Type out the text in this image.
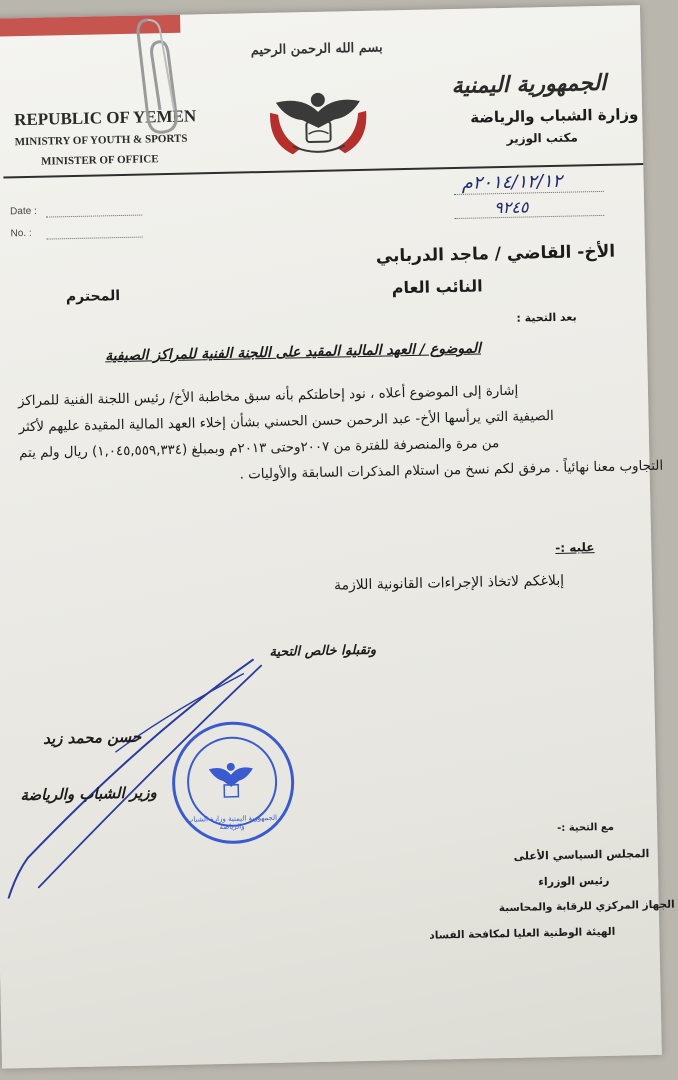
بسم الله الرحمن الرحيم
REPUBLIC OF YEMEN
MINISTRY OF YOUTH & SPORTS
MINISTER OF OFFICE
الجمهورية اليمنية
وزارة الشباب والرياضة
مكتب الوزير
٢٠١٤/١٢/١٢م
٩٢٤٥
Date :
No. :
الأخ- القاضي / ماجد الدربابي
النائب العام
المحترم
بعد التحية :
الموضوع / العهد المالية المقيد على اللجنة الفنية للمراكز الصيفية
إشارة إلى الموضوع أعلاه ، نود إحاطتكم بأنه سبق مخاطبة الأخ/ رئيس اللجنة الفنية للمراكز
الصيفية التي يرأسها الأخ- عبد الرحمن حسن الحسني بشأن إخلاء العهد المالية المقيدة عليهم لأكثر
من مرة والمنصرفة للفترة من ٢٠٠٧وحتى ٢٠١٣م وبمبلغ (١,٠٤٥,٥٥٩,٣٣٤) ريال ولم يتم
التجاوب معنا نهائياً . مرفق لكم نسخ من استلام المذكرات السابقة والأوليات .
عليه :-
إبلاغكم لاتخاذ الإجراءات القانونية اللازمة
وتقبلوا خالص التحية
حسن محمد زيد
وزير الشباب والرياضة
الجمهورية اليمنية وزارة الشباب والرياضة	مع التحية :-
المجلس السياسي الأعلى
رئيس الوزراء
الجهاز المركزي للرقابة والمحاسبة
الهيئة الوطنية العليا لمكافحة الفساد
